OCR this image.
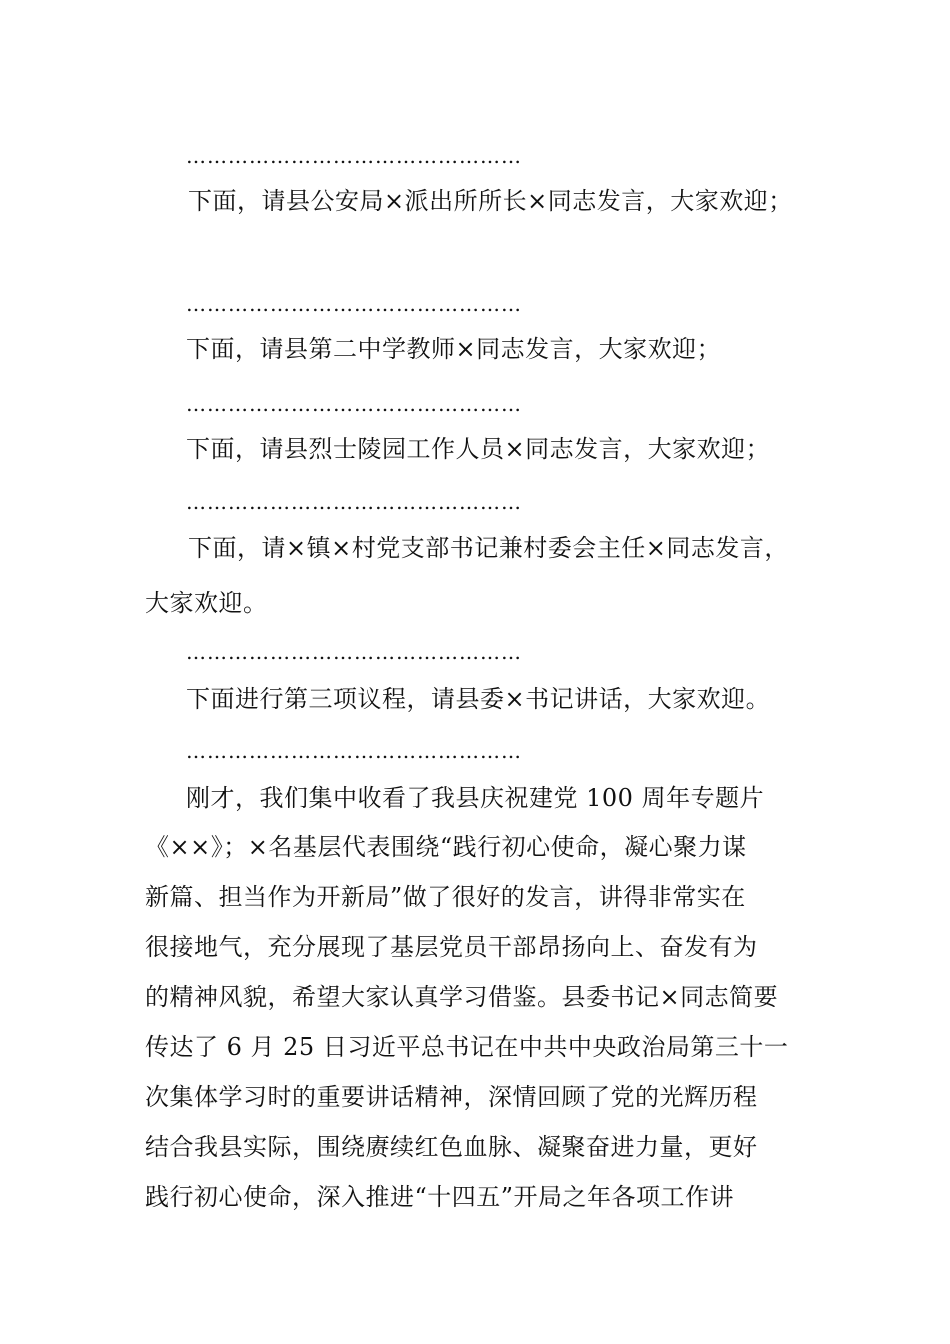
…………………………………………
下面，请县公安局×派出所所长×同志发言，大家欢迎；
…………………………………………
下面，请县第二中学教师×同志发言，大家欢迎；
…………………………………………
下面，请县烈士陵园工作人员×同志发言，大家欢迎；
…………………………………………
下面，请×镇×村党支部书记兼村委会主任×同志发言，
大家欢迎。
…………………………………………
下面进行第三项议程，请县委×书记讲话，大家欢迎。
…………………………………………
刚才，我们集中收看了我县庆祝建党 100 周年专题片
《××》；×名基层代表围绕“践行初心使命，凝心聚力谋
新篇、担当作为开新局”做了很好的发言，讲得非常实在
很接地气，充分展现了基层党员干部昂扬向上、奋发有为
的精神风貌，希望大家认真学习借鉴。县委书记×同志简要
传达了 6 月 25 日习近平总书记在中共中央政治局第三十一
次集体学习时的重要讲话精神，深情回顾了党的光辉历程
结合我县实际，围绕赓续红色血脉、凝聚奋进力量，更好
践行初心使命，深入推进“十四五”开局之年各项工作讲
